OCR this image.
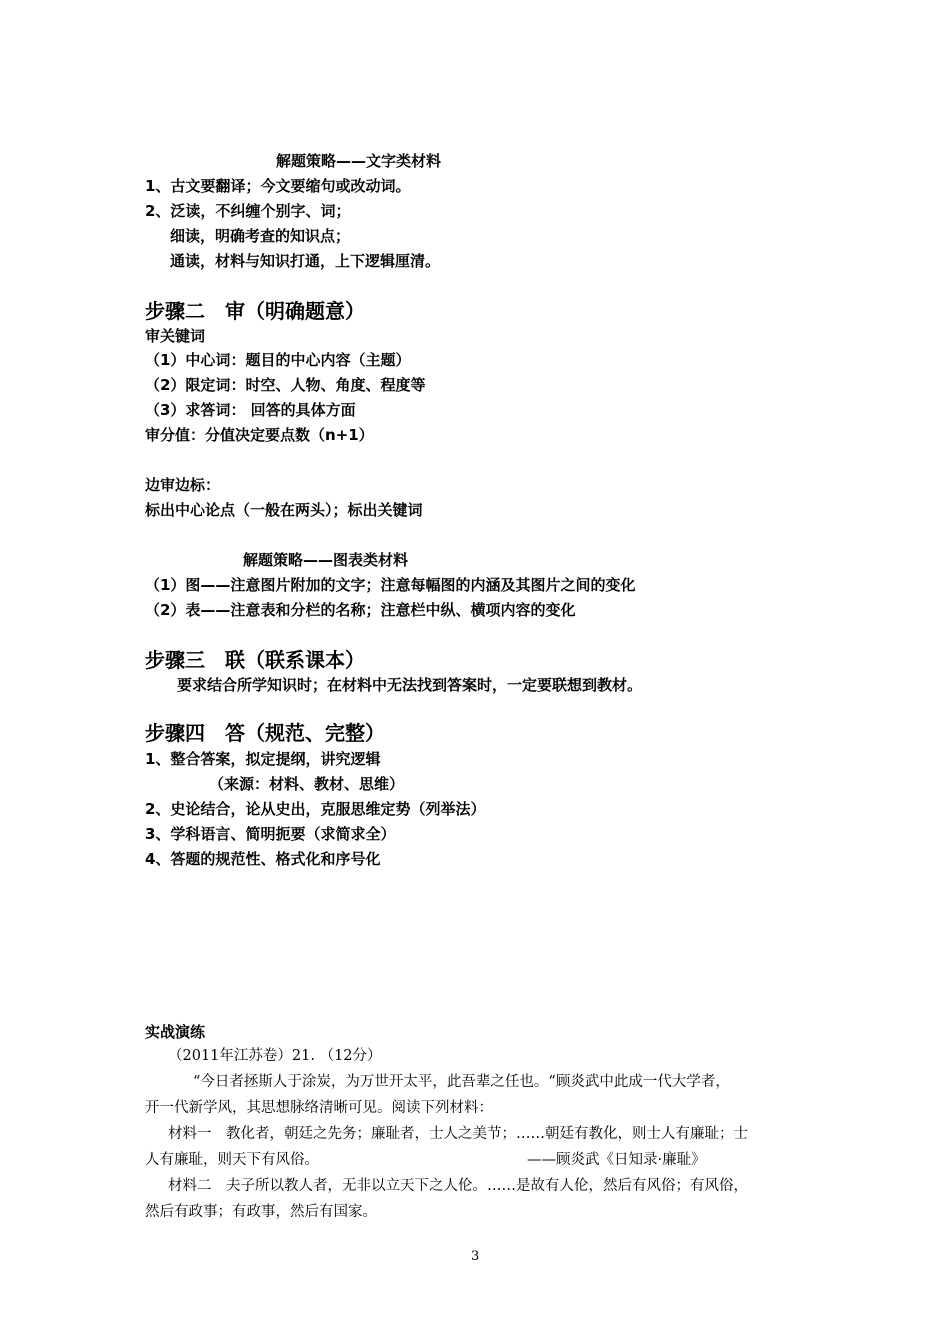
解题策略——文字类材料
1、古文要翻译；今文要缩句或改动词。
2、泛读，不纠缠个别字、词；
细读，明确考查的知识点；
通读，材料与知识打通，上下逻辑厘清。
步骤二　审（明确题意）
审关键词
（1）中心词：题目的中心内容（主题）
（2）限定词：时空、人物、角度、程度等
（3）求答词： 回答的具体方面
审分值：分值决定要点数（n+1）
边审边标：
标出中心论点（一般在两头）；标出关键词
解题策略——图表类材料
（1）图——注意图片附加的文字；注意每幅图的内涵及其图片之间的变化
（2）表——注意表和分栏的名称；注意栏中纵、横项内容的变化
步骤三　联（联系课本）
要求结合所学知识时；在材料中无法找到答案时，一定要联想到教材。
步骤四　答（规范、完整）
1、整合答案，拟定提纲，讲究逻辑
（来源：材料、教材、思维）
2、史论结合，论从史出，克服思维定势（列举法）
3、学科语言、简明扼要（求简求全）
4、答题的规范性、格式化和序号化
实战演练
（2011年江苏卷）21. （12分）
“今日者拯斯人于涂炭，为万世开太平，此吾辈之任也。“顾炎武中此成一代大学者，
开一代新学风，其思想脉络清晰可见。阅读下列材料：
材料一　教化者，朝廷之先务；廉耻者，士人之美节；……朝廷有教化，则士人有廉耻；士
人有廉耻，则天下有风俗。	——顾炎武《日知录·廉耻》
材料二　夫子所以教人者，无非以立天下之人伦。……是故有人伦，然后有风俗；有风俗，
然后有政事；有政事，然后有国家。
3
